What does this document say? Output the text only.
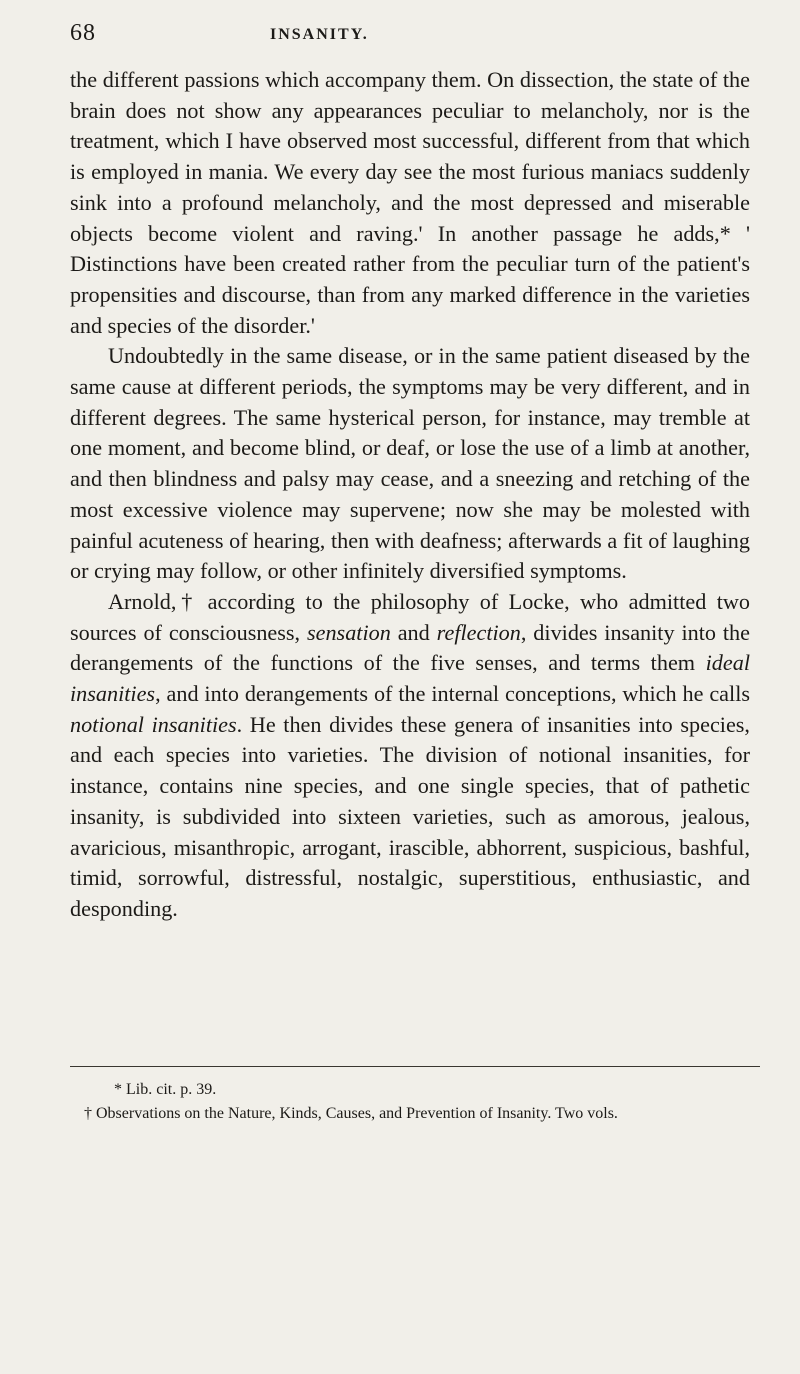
68	INSANITY.

the different passions which accompany them. On dissection, the state of the brain does not show any appearances peculiar to melancholy, nor is the treatment, which I have observed most successful, different from that which is employed in mania. We every day see the most furious maniacs suddenly sink into a profound melancholy, and the most depressed and miserable objects become violent and raving.' In another passage he adds,* ' Distinctions have been created rather from the peculiar turn of the patient's propensities and discourse, than from any marked difference in the varieties and species of the disorder.'

Undoubtedly in the same disease, or in the same patient diseased by the same cause at different periods, the symptoms may be very different, and in different degrees. The same hysterical person, for instance, may tremble at one moment, and become blind, or deaf, or lose the use of a limb at another, and then blindness and palsy may cease, and a sneezing and retching of the most excessive violence may supervene; now she may be molested with painful acuteness of hearing, then with deafness; afterwards a fit of laughing or crying may follow, or other infinitely diversified symptoms.

Arnold,† according to the philosophy of Locke, who admitted two sources of consciousness, sensation and reflection, divides insanity into the derangements of the functions of the five senses, and terms them ideal insanities, and into derangements of the internal conceptions, which he calls notional insanities. He then divides these genera of insanities into species, and each species into varieties. The division of notional insanities, for instance, contains nine species, and one single species, that of pathetic insanity, is subdivided into sixteen varieties, such as amorous, jealous, avaricious, misanthropic, arrogant, irascible, abhorrent, suspicious, bashful, timid, sorrowful, distressful, nostalgic, superstitious, enthusiastic, and desponding.

* Lib. cit. p. 39.

† Observations on the Nature, Kinds, Causes, and Prevention of Insanity. Two vols.
